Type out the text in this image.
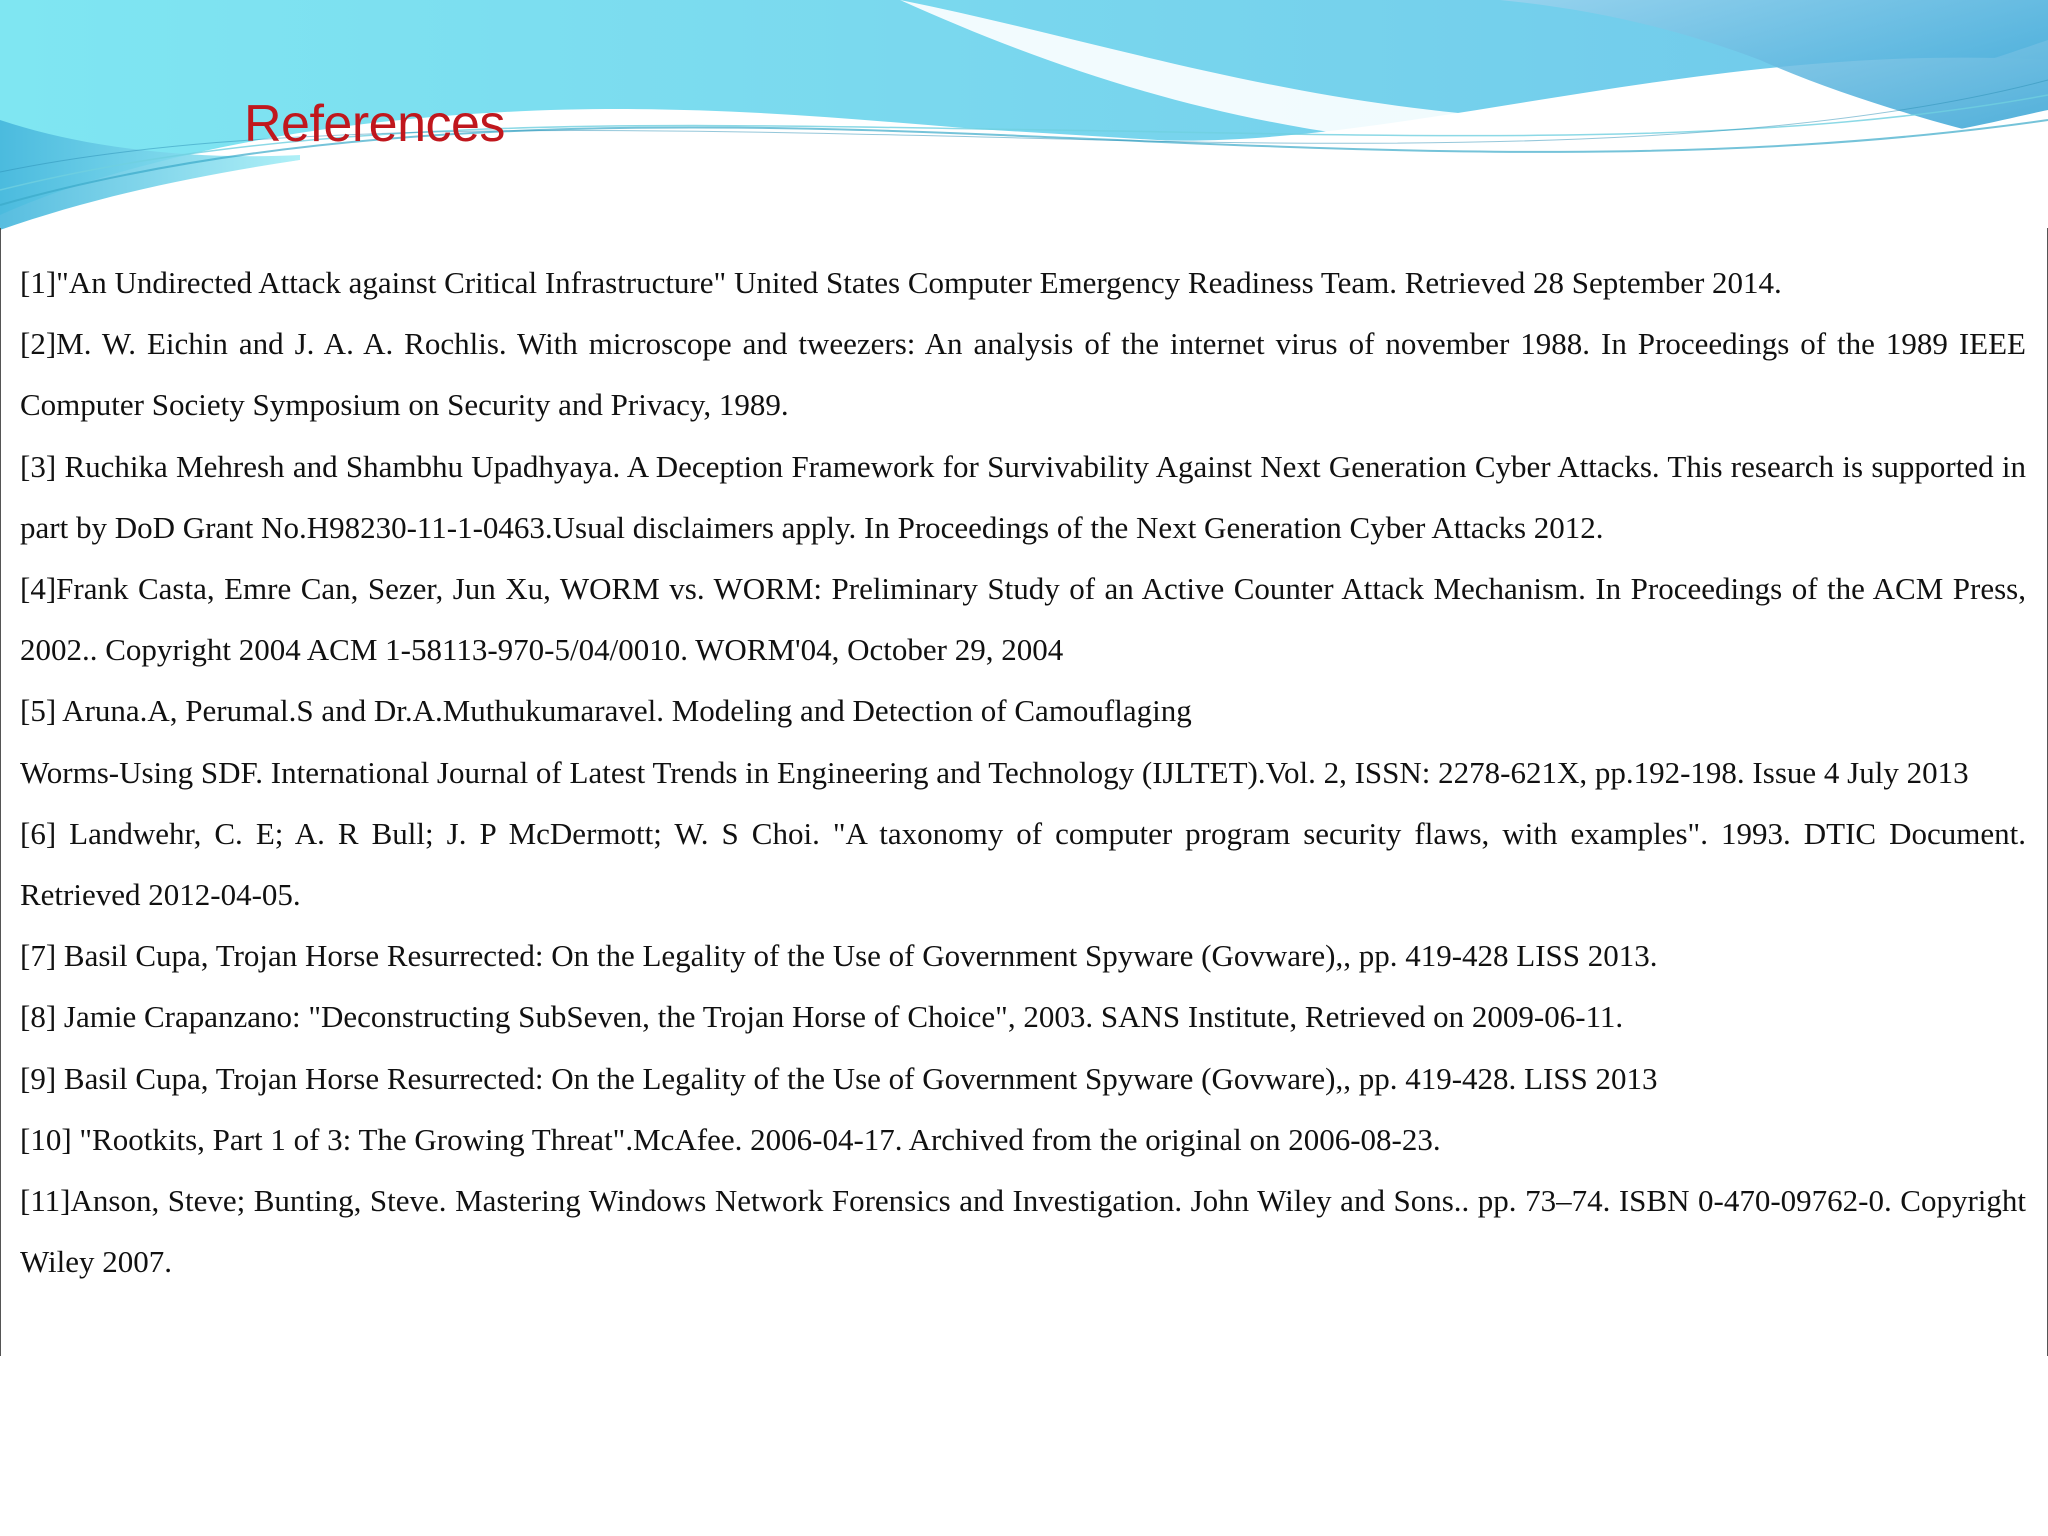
References
[1]"An Undirected Attack against Critical Infrastructure" United States Computer Emergency Readiness Team. Retrieved 28 September 2014.
[2]M. W. Eichin and J. A. A. Rochlis. With microscope and tweezers: An analysis of the internet virus of november 1988. In Proceedings of the 1989 IEEE Computer Society Symposium on Security and Privacy, 1989.
[3] Ruchika Mehresh and Shambhu Upadhyaya. A Deception Framework for Survivability Against Next Generation Cyber Attacks. This research is supported in part by DoD Grant No.H98230-11-1-0463.Usual disclaimers apply. In Proceedings of the Next Generation Cyber Attacks 2012.
[4]Frank Casta, Emre Can, Sezer, Jun Xu, WORM vs. WORM: Preliminary Study of an Active Counter Attack Mechanism. In Proceedings of the ACM Press, 2002.. Copyright 2004 ACM 1-58113-970-5/04/0010. WORM'04, October 29, 2004
[5] Aruna.A, Perumal.S and Dr.A.Muthukumaravel. Modeling and Detection of Camouflaging
Worms-Using SDF. International Journal of Latest Trends in Engineering and Technology (IJLTET).Vol. 2, ISSN: 2278-621X, pp.192-198. Issue 4 July 2013
[6] Landwehr, C. E; A. R Bull; J. P McDermott; W. S Choi. "A taxonomy of computer program security flaws, with examples". 1993. DTIC Document. Retrieved 2012-04-05.
[7] Basil Cupa, Trojan Horse Resurrected: On the Legality of the Use of Government Spyware (Govware),, pp. 419-428 LISS 2013.
[8] Jamie Crapanzano: "Deconstructing SubSeven, the Trojan Horse of Choice", 2003. SANS Institute, Retrieved on 2009-06-11.
[9] Basil Cupa, Trojan Horse Resurrected: On the Legality of the Use of Government Spyware (Govware),, pp. 419-428. LISS 2013
[10] "Rootkits, Part 1 of 3: The Growing Threat".McAfee. 2006-04-17. Archived from the original on 2006-08-23.
[11]Anson, Steve; Bunting, Steve. Mastering Windows Network Forensics and Investigation. John Wiley and Sons.. pp. 73–74. ISBN 0-470-09762-0. Copyright Wiley 2007.
